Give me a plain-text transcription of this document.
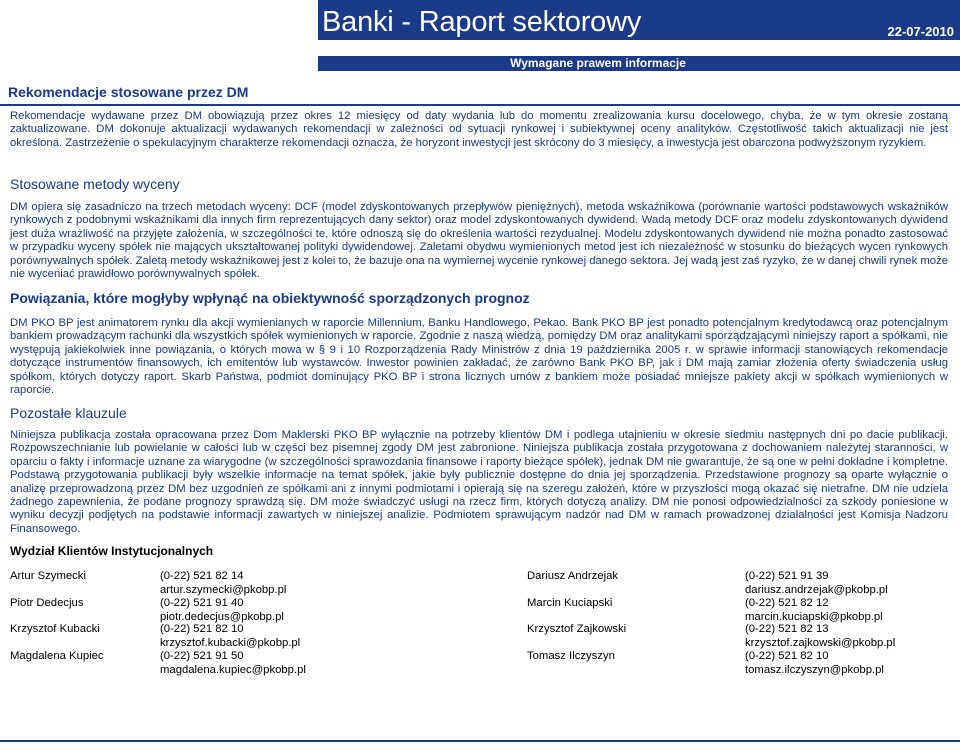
Banki - Raport sektorowy	22-07-2010
Wymagane prawem informacje
Rekomendacje stosowane przez DM
Rekomendacje wydawane przez DM obowiązują przez okres 12 miesięcy od daty wydania lub do momentu zrealizowania kursu docelowego, chyba, że w tym okresie zostaną zaktualizowane. DM dokonuje aktualizacji wydawanych rekomendacji w zależności od sytuacji rynkowej i subiektywnej oceny analityków. Częstotliwość takich aktualizacji nie jest określona. Zastrzeżenie o spekulacyjnym charakterze rekomendacji oznacza, że horyzont inwestycji jest skrócony do 3 miesięcy, a inwestycja jest obarczona podwyższonym ryzykiem.
Stosowane metody wyceny
DM opiera się zasadniczo na trzech metodach wyceny: DCF (model zdyskontowanych przepływów pieniężnych), metoda wskaźnikowa (porównanie wartości podstawowych wskaźników rynkowych z podobnymi wskaźnikami dla innych firm reprezentujących dany sektor) oraz model zdyskontowanych dywidend. Wadą metody DCF oraz modelu zdyskontowanych dywidend jest duża wrażliwość na przyjęte założenia, w szczególności te, które odnoszą się do określenia wartości rezydualnej. Modelu zdyskontowanych dywidend nie można ponadto zastosować w przypadku wyceny spółek nie mających ukształtowanej polityki dywidendowej. Zaletami obydwu wymienionych metod jest ich niezależność w stosunku do bieżących wycen rynkowych porównywalnych spółek. Zaletą metody wskaźnikowej jest z kolei to, że bazuje ona na wymiernej wycenie rynkowej danego sektora. Jej wadą jest zaś ryzyko, że w danej chwili rynek może nie wyceniać prawidłowo porównywalnych spółek.
Powiązania, które mogłyby wpłynąć na obiektywność sporządzonych prognoz
DM PKO BP jest animatorem rynku dla akcji wymienianych w raporcie Millennium, Banku Handlowego, Pekao. Bank PKO BP jest ponadto potencjalnym kredytodawcą oraz potencjalnym bankiem prowadzącym rachunki dla wszystkich spółek wymienionych w raporcie. Zgodnie z naszą wiedzą, pomiędzy DM oraz analitykami sporządzającymi niniejszy raport a spółkami, nie występują jakiekolwiek inne powiązania, o których mowa w § 9 i 10 Rozporządzenia Rady Ministrów z dnia 19 października 2005 r. w sprawie informacji stanowiących rekomendacje dotyczące instrumentów finansowych, ich emitentów lub wystawców. Inwestor powinien zakładać, że zarówno Bank PKO BP, jak i DM mają zamiar złożenia oferty świadczenia usług spółkom, których dotyczy raport. Skarb Państwa, podmiot dominujący PKO BP i strona licznych umów z bankiem może posiadać mniejsze pakiety akcji w spółkach wymienionych w raporcie.
Pozostałe klauzule
Niniejsza publikacja została opracowana przez Dom Maklerski PKO BP wyłącznie na potrzeby klientów DM i podlega utajnieniu w okresie siedmiu następnych dni po dacie publikacji. Rozpowszechnianie lub powielanie w całości lub w części bez pisemnej zgody DM jest zabronione. Niniejsza publikacja została przygotowana z dochowaniem należytej staranności, w oparciu o fakty i informacje uznane za wiarygodne (w szczególności sprawozdania finansowe i raporty bieżące spółek), jednak DM nie gwarantuje, że są one w pełni dokładne i kompletne. Podstawą przygotowania publikacji były wszelkie informacje na temat spółek, jakie były publicznie dostępne do dnia jej sporządzenia. Przedstawione prognozy są oparte wyłącznie o analizę przeprowadzoną przez DM bez uzgodnień ze spółkami ani z innymi podmiotami i opierają się na szeregu założeń, które w przyszłości mogą okazać się nietrafne. DM nie udziela żadnego zapewnienia, że podane prognozy sprawdzą się. DM może świadczyć usługi na rzecz firm, których dotyczą analizy. DM nie ponosi odpowiedzialności za szkody poniesione w wyniku decyzji podjętych na podstawie informacji zawartych w niniejszej analizie. Podmiotem sprawującym nadzór nad DM w ramach prowadzonej działalności jest Komisja Nadzoru Finansowego.
Wydział Klientów Instytucjonalnych
Artur Szymecki	(0-22) 521 82 14
artur.szymecki@pkobp.pl
Piotr Dedecjus	(0-22) 521 91 40
piotr.dedecjus@pkobp.pl
Krzysztof Kubacki	(0-22) 521 82 10
krzysztof.kubacki@pkobp.pl
Magdalena Kupiec	(0-22) 521 91 50
magdalena.kupiec@pkobp.pl
Dariusz Andrzejak	(0-22) 521 91 39
dariusz.andrzejak@pkobp.pl
Marcin Kuciapski	(0-22) 521 82 12
marcin.kuciapski@pkobp.pl
Krzysztof Zajkowski	(0-22) 521 82 13
krzysztof.zajkowski@pkobp.pl
Tomasz Ilczyszyn	(0-22) 521 82 10
tomasz.ilczyszyn@pkobp.pl
